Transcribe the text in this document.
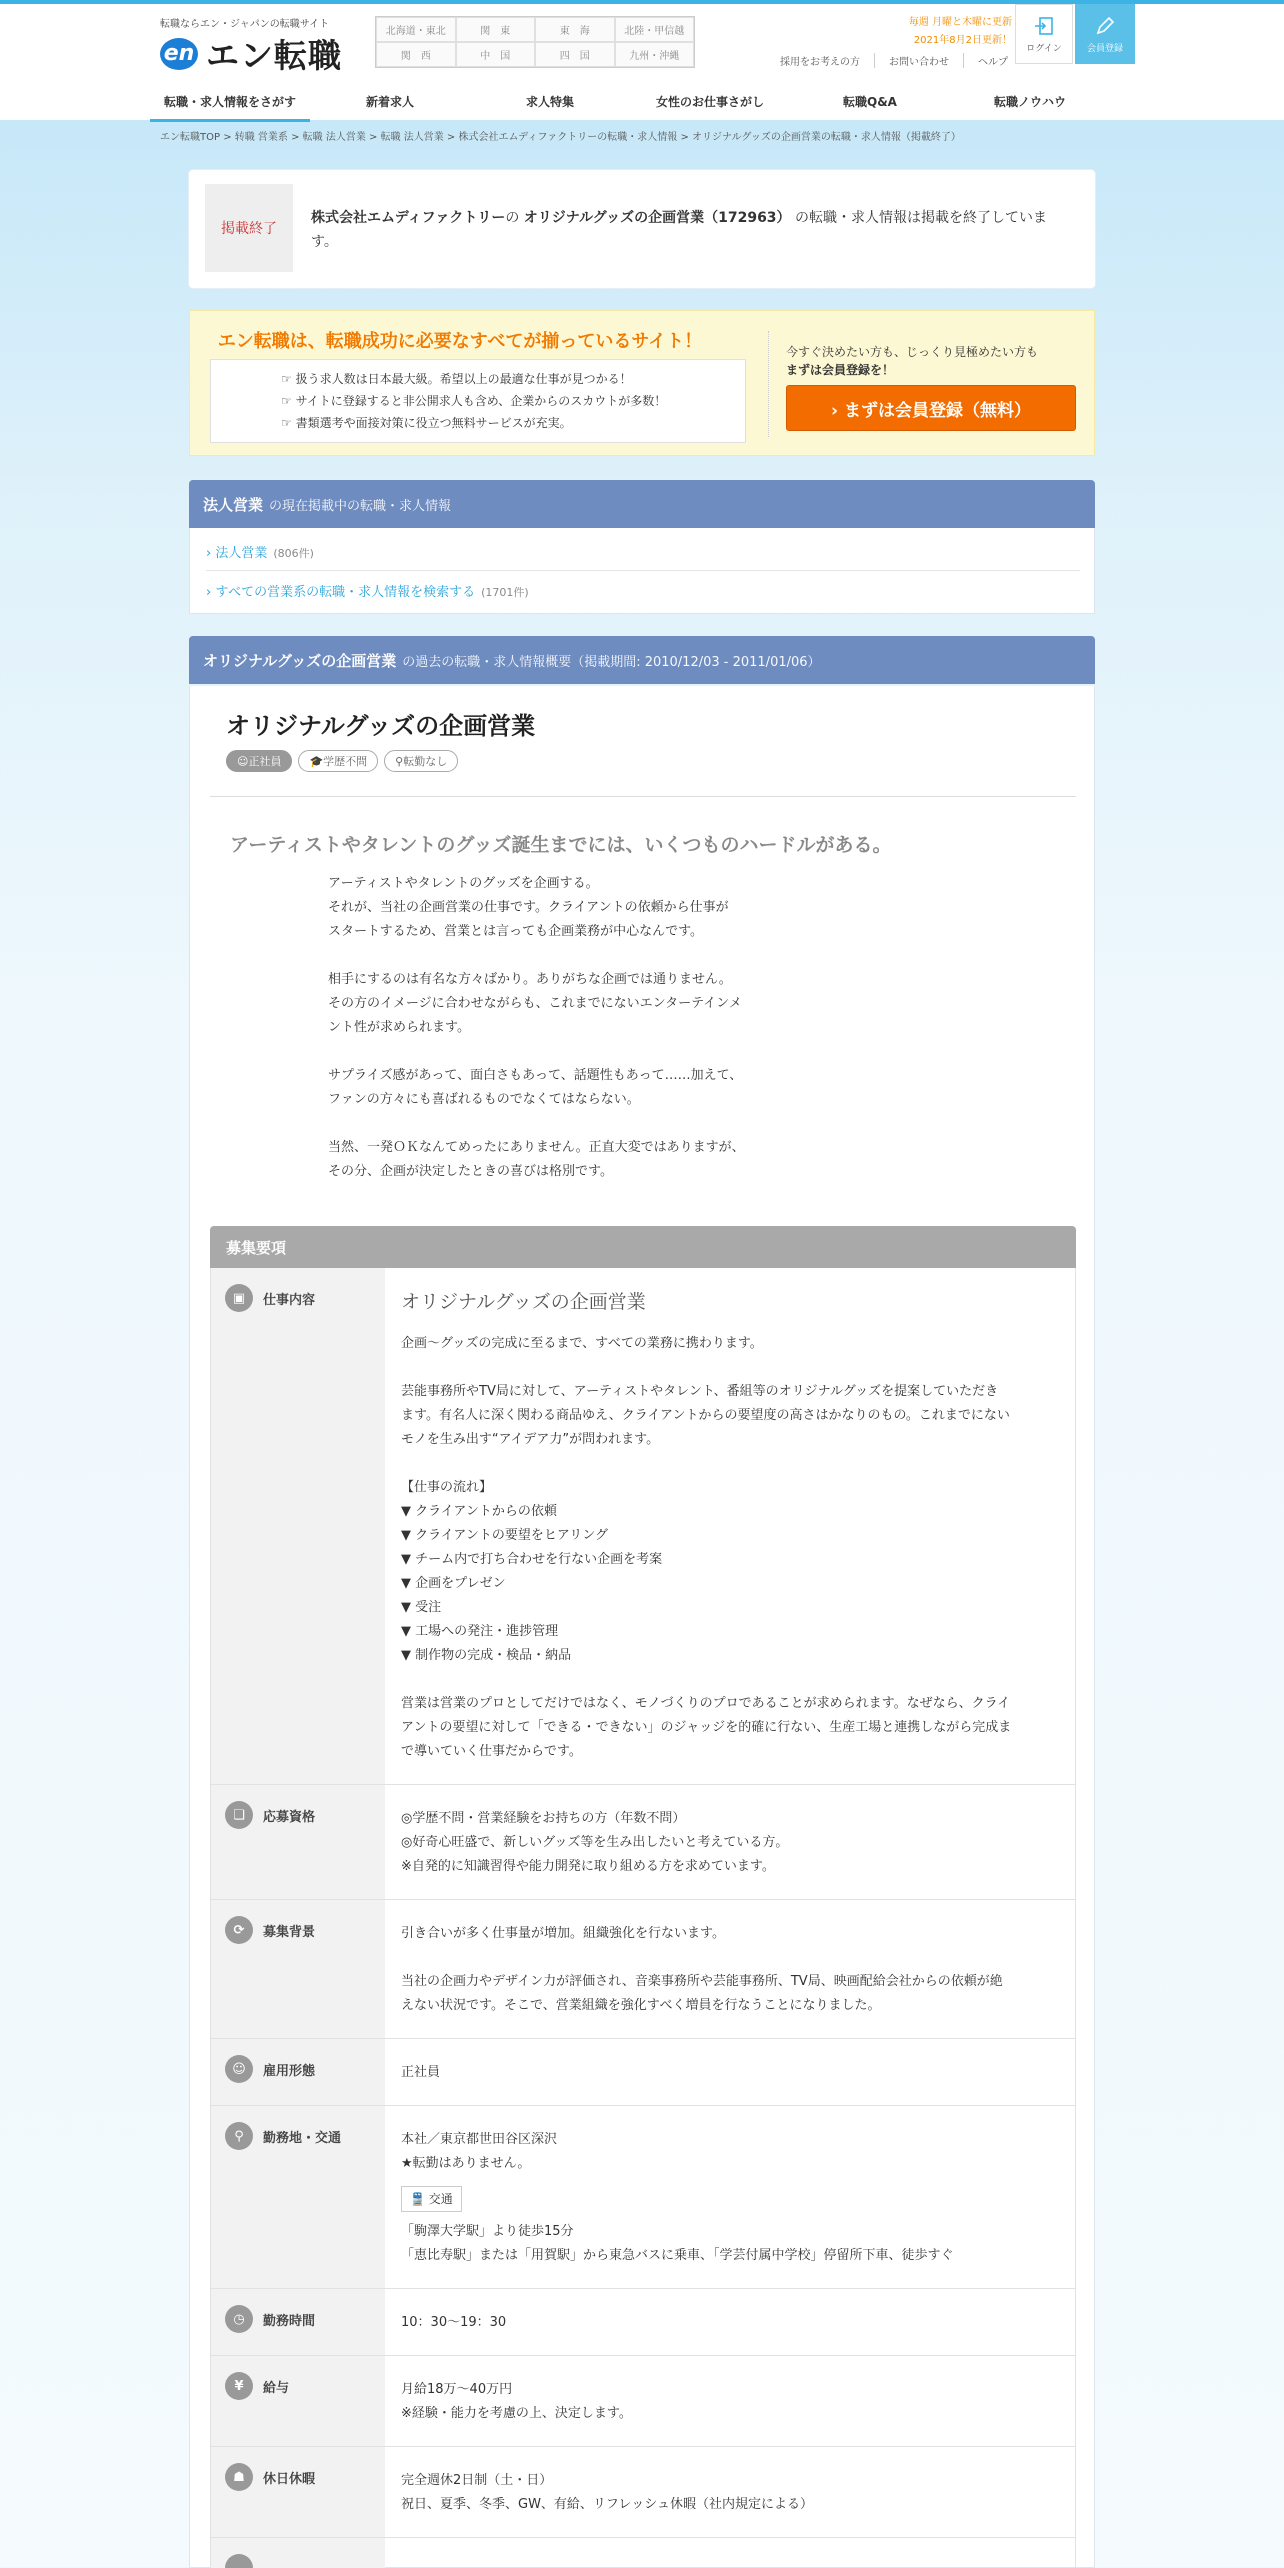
転職ならエン・ジャパンの転職サイト
en エン転職
北海道・東北	関　東	東　海	北陸・甲信越
関　西	中　国	四　国	九州・沖縄
毎週 月曜と木曜に更新
2021年8月2日更新！
採用をお考えの方	お問い合わせ	ヘルプ
ログイン	会員登録
転職・求人情報をさがす	新着求人	求人特集	女性のお仕事さがし	転職Q&A	転職ノウハウ
エン転職TOP > 转職 営業系 > 転職 法人営業 > 転職 法人営業 > 株式会社エムディファクトリーの転職・求人情報 > オリジナルグッズの企画営業の転職・求人情報（掲載終了）
掲載終了
株式会社エムディファクトリーの オリジナルグッズの企画営業（172963） の転職・求人情報は掲載を終了しています。
エン転職は、転職成功に必要なすべてが揃っているサイト！
☞ 扱う求人数は日本最大級。希望以上の最適な仕事が見つかる！
☞ サイトに登録すると非公開求人も含め、企業からのスカウトが多数！
☞ 書類選考や面接対策に役立つ無料サービスが充実。
今すぐ決めたい方も、じっくり見極めたい方も
まずは会員登録を！
› まずは会員登録（無料）
法人営業 の現在掲載中の転職・求人情報
› 法人営業 (806件)
› すべての営業系の転職・求人情報を検索する (1701件)
オリジナルグッズの企画営業 の過去の転職・求人情報概要（掲載期間: 2010/12/03 - 2011/01/06）
オリジナルグッズの企画営業
☺ 正社員	🎓 学歴不問	⚲ 転勤なし
アーティストやタレントのグッズ誕生までには、いくつものハードルがある。
アーティストやタレントのグッズを企画する。
それが、当社の企画営業の仕事です。クライアントの依頼から仕事が
スタートするため、営業とは言っても企画業務が中心なんです。

相手にするのは有名な方々ばかり。ありがちな企画では通りません。
その方のイメージに合わせながらも、これまでにないエンターテインメ
ント性が求められます。

サプライズ感があって、面白さもあって、話題性もあって……加えて、
ファンの方々にも喜ばれるものでなくてはならない。

当然、一発ＯＫなんてめったにありません。正直大変ではありますが、
その分、企画が決定したときの喜びは格別です。
募集要項
▣	仕事内容	オリジナルグッズの企画営業
企画～グッズの完成に至るまで、すべての業務に携わります。

芸能事務所やTV局に対して、アーティストやタレント、番組等のオリジナルグッズを提案していただき
ます。有名人に深く関わる商品ゆえ、クライアントからの要望度の高さはかなりのもの。これまでにない
モノを生み出す“アイデア力”が問われます。

【仕事の流れ】
▼ クライアントからの依頼
▼ クライアントの要望をヒアリング
▼ チーム内で打ち合わせを行ない企画を考案
▼ 企画をプレゼン
▼ 受注
▼ 工場への発注・進捗管理
▼ 制作物の完成・検品・納品

営業は営業のプロとしてだけではなく、モノづくりのプロであることが求められます。なぜなら、クライ
アントの要望に対して「できる・できない」のジャッジを的確に行ない、生産工場と連携しながら完成ま
で導いていく仕事だからです。
❏	応募資格	◎学歴不問・営業経験をお持ちの方（年数不問）
◎好奇心旺盛で、新しいグッズ等を生み出したいと考えている方。
※自発的に知識習得や能力開発に取り組める方を求めています。
⟳	募集背景	引き合いが多く仕事量が増加。組織強化を行ないます。

当社の企画力やデザイン力が評価され、音楽事務所や芸能事務所、TV局、映画配給会社からの依頼が絶
えない状況です。そこで、営業組織を強化すべく増員を行なうことになりました。
☺	雇用形態	正社員
⚲	勤務地・交通	本社／東京都世田谷区深沢
★転勤はありません。

🚆
交通

「駒澤大学駅」より徒歩15分
「恵比寿駅」または「用賀駅」から東急バスに乗車、「学芸付属中学校」停留所下車、徒歩すぐ
◷	勤務時間	10：30～19：30
¥	給与	月給18万～40万円
※経験・能力を考慮の上、決定します。
☗	休日休暇	完全週休2日制（土・日）
祝日、夏季、冬季、GW、有給、リフレッシュ休暇（社内規定による）
